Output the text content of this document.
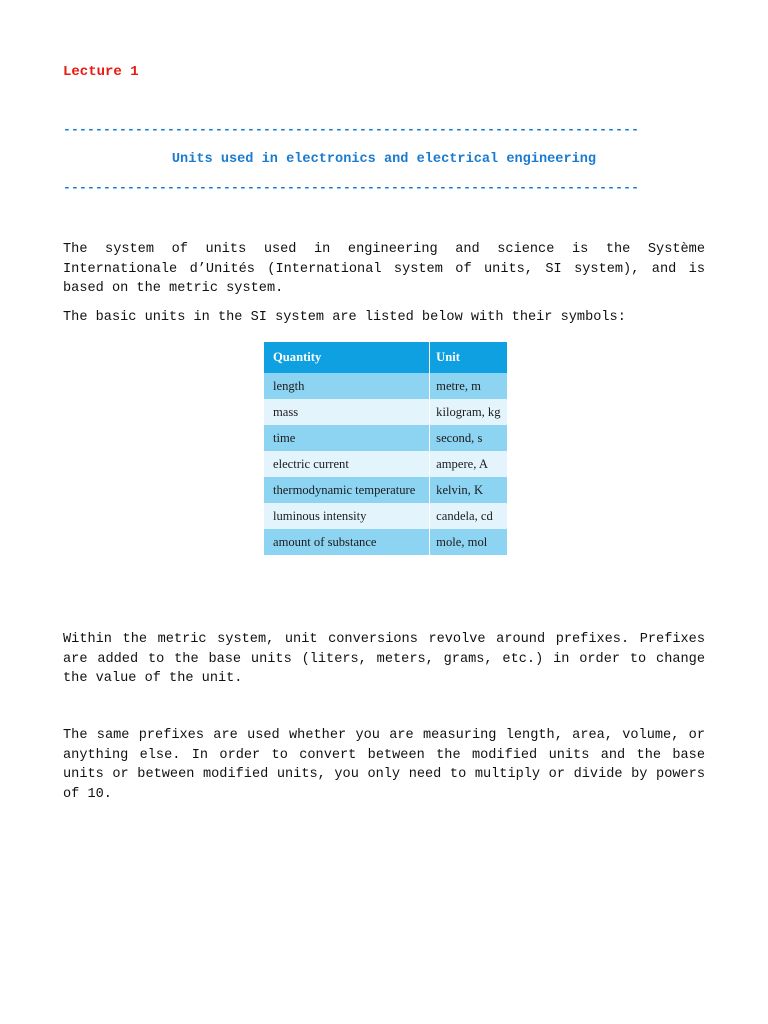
Lecture 1
------------------------------------------------------------------------
Units used in electronics and electrical engineering
------------------------------------------------------------------------
The system of units used in engineering and science is the Système Internationale d’Unités (International system of units, SI system), and is based on the metric system.
The basic units in the SI system are listed below with their symbols:
Quantity	Unit
length	metre, m
mass	kilogram, kg
time	second, s
electric current	ampere, A
thermodynamic temperature	kelvin, K
luminous intensity	candela, cd
amount of substance	mole, mol
Within the metric system, unit conversions revolve around prefixes. Prefixes are added to the base units (liters, meters, grams, etc.) in order to change the value of the unit.
The same prefixes are used whether you are measuring length, area, volume, or anything else. In order to convert between the modified units and the base units or between modified units, you only need to multiply or divide by powers of 10.
